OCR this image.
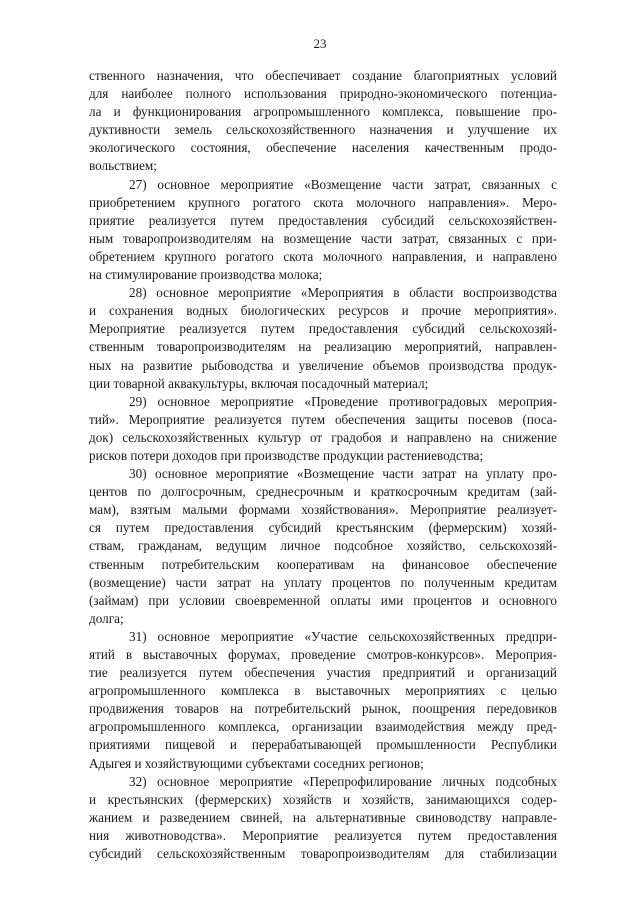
23
ственного назначения, что обеспечивает создание благоприятных условий
для наиболее полного использования природно-экономического потенциа-
ла и функционирования агропромышленного комплекса, повышение про-
дуктивности земель сельскохозяйственного назначения и улучшение их
экологического состояния, обеспечение населения качественным продо-
вольствием;
27) основное мероприятие «Возмещение части затрат, связанных с
приобретением крупного рогатого скота молочного направления». Меро-
приятие реализуется путем предоставления субсидий сельскохозяйствен-
ным товаропроизводителям на возмещение части затрат, связанных с при-
обретением крупного рогатого скота молочного направления, и направлено
на стимулирование производства молока;
28) основное мероприятие «Мероприятия в области воспроизводства
и сохранения водных биологических ресурсов и прочие мероприятия».
Мероприятие реализуется путем предоставления субсидий сельскохозяй-
ственным товаропроизводителям на реализацию мероприятий, направлен-
ных на развитие рыбоводства и увеличение объемов производства продук-
ции товарной аквакультуры, включая посадочный материал;
29) основное мероприятие «Проведение противоградовых мероприя-
тий». Мероприятие реализуется путем обеспечения защиты посевов (посa-
док) сельскохозяйственных культур от градобоя и направлено на снижение
рисков потери доходов при производстве продукции растениеводства;
30) основное мероприятие «Возмещение части затрат на уплату про-
центов по долгосрочным, среднесрочным и краткосрочным кредитам (зай-
мам), взятым малыми формами хозяйствования». Мероприятие реализует-
ся путем предоставления субсидий крестьянским (фермерским) хозяй-
ствам, гражданам, ведущим личное подсобное хозяйство, сельскохозяй-
ственным потребительским кооперативам на финансовое обеспечение
(возмещение) части затрат на уплату процентов по полученным кредитам
(займам) при условии своевременной оплаты ими процентов и основного
долга;
31) основное мероприятие «Участие сельскохозяйственных предпри-
ятий в выставочных форумах, проведение смотров-конкурсов». Мероприя-
тие реализуется путем обеспечения участия предприятий и организаций
агропромышленного комплекса в выставочных мероприятиях с целью
продвижения товаров на потребительский рынок, поощрения передовиков
агропромышленного комплекса, организации взаимодействия между пред-
приятиями пищевой и перерабатывающей промышленности Республики
Адыгея и хозяйствующими субъектами соседних регионов;
32) основное мероприятие «Перепрофилирование личных подсобных
и крестьянских (фермерских) хозяйств и хозяйств, занимающихся содер-
жанием и разведением свиней, на альтернативные свиноводству направле-
ния животноводства». Мероприятие реализуется путем предоставления
субсидий сельскохозяйственным товаропроизводителям для стабилизации
